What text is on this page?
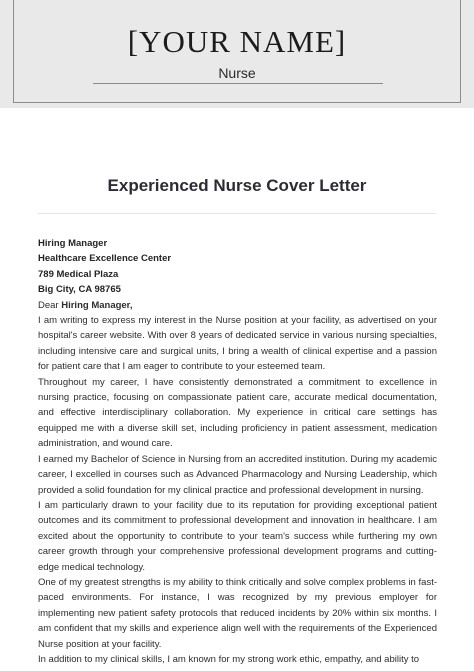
[YOUR NAME]
Nurse
Experienced Nurse Cover Letter
Hiring Manager
Healthcare Excellence Center
789 Medical Plaza
Big City, CA 98765

Dear Hiring Manager,

I am writing to express my interest in the Nurse position at your facility, as advertised on your hospital's career website. With over 8 years of dedicated service in various nursing specialties, including intensive care and surgical units, I bring a wealth of clinical expertise and a passion for patient care that I am eager to contribute to your esteemed team.

Throughout my career, I have consistently demonstrated a commitment to excellence in nursing practice, focusing on compassionate patient care, accurate medical documentation, and effective interdisciplinary collaboration. My experience in critical care settings has equipped me with a diverse skill set, including proficiency in patient assessment, medication administration, and wound care.

I earned my Bachelor of Science in Nursing from an accredited institution. During my academic career, I excelled in courses such as Advanced Pharmacology and Nursing Leadership, which provided a solid foundation for my clinical practice and professional development in nursing.

I am particularly drawn to your facility due to its reputation for providing exceptional patient outcomes and its commitment to professional development and innovation in healthcare. I am excited about the opportunity to contribute to your team's success while furthering my own career growth through your comprehensive professional development programs and cutting-edge medical technology.

One of my greatest strengths is my ability to think critically and solve complex problems in fast-paced environments. For instance, I was recognized by my previous employer for implementing new patient safety protocols that reduced incidents by 20% within six months. I am confident that my skills and experience align well with the requirements of the Experienced Nurse position at your facility.

In addition to my clinical skills, I am known for my strong work ethic, empathy, and ability to
